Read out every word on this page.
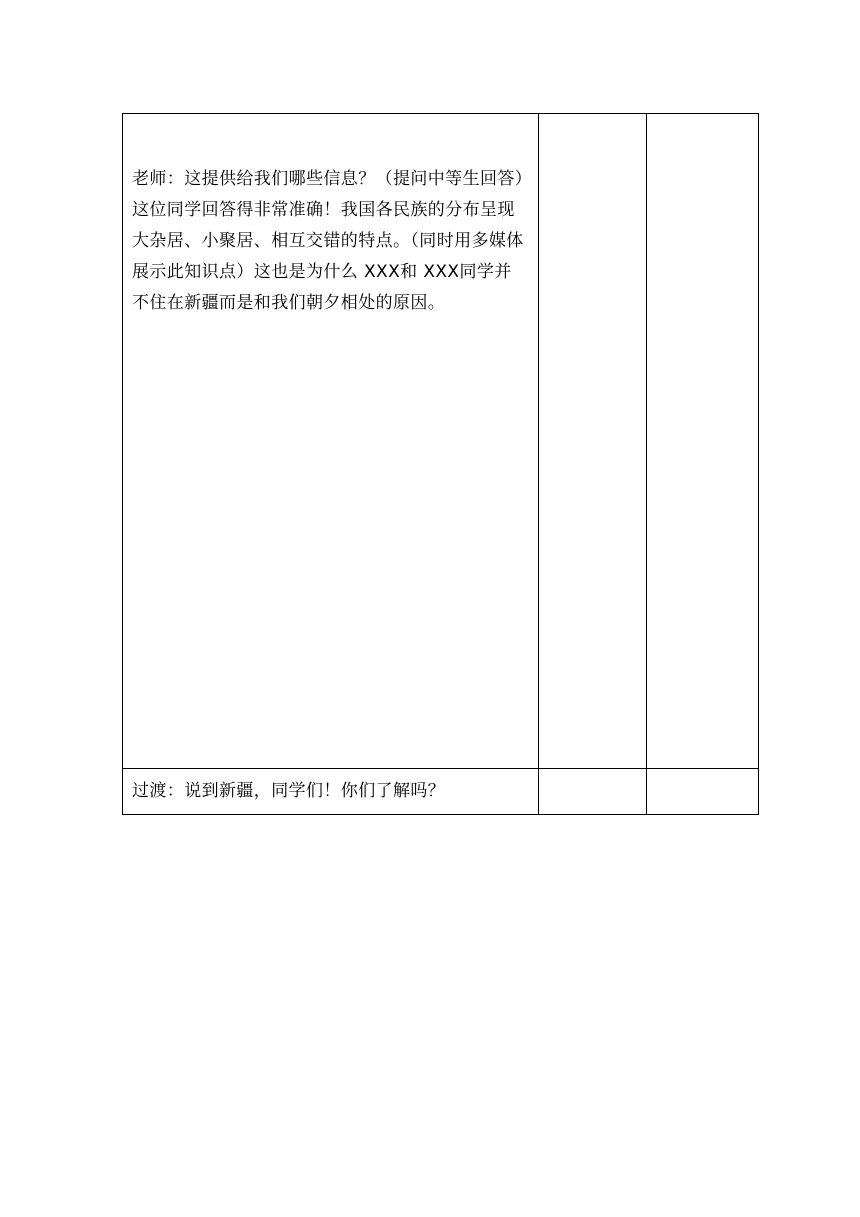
老师：这提供给我们哪些信息？（提问中等生回答）
这位同学回答得非常准确！我国各民族的分布呈现大杂居、小聚居、相互交错的特点。（同时用多媒体展示此知识点）这也是为什么 XXX和 XXX同学并不住在新疆而是和我们朝夕相处的原因。		

过渡：说到新疆，同学们！你们了解吗？		
